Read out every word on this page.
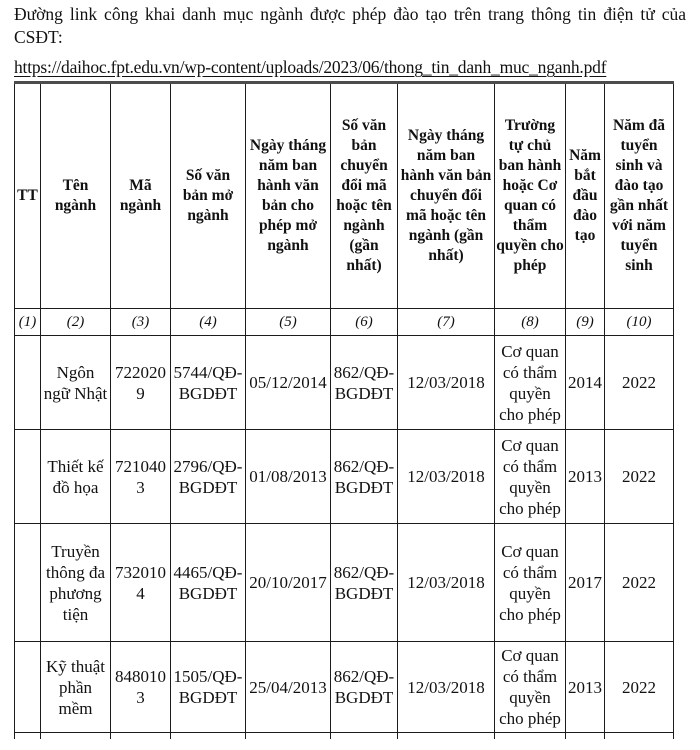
Đường link công khai danh mục ngành được phép đào tạo trên trang thông tin điện tử của CSĐT:

https://daihoc.fpt.edu.vn/wp-content/uploads/2023/06/thong_tin_danh_muc_nganh.pdf
TT	Tên ngành	Mã ngành	Số văn bản mở ngành	Ngày tháng năm ban hành văn bản cho phép mở ngành	Số văn bản chuyển đổi mã hoặc tên ngành (gần nhất)	Ngày tháng năm ban hành văn bản chuyển đổi mã hoặc tên ngành (gần nhất)	Trường tự chủ ban hành hoặc Cơ quan có thẩm quyền cho phép	Năm bắt đầu đào tạo	Năm đã tuyển sinh và đào tạo gần nhất với năm tuyển sinh
(1)	(2)	(3)	(4)	(5)	(6)	(7)	(8)	(9)	(10)
	Ngôn ngữ Nhật	7220209	5744/QĐ-BGDĐT	05/12/2014	862/QĐ-BGDĐT	12/03/2018	Cơ quan có thẩm quyền cho phép	2014	2022
	Thiết kế đồ họa	7210403	2796/QĐ-BGDĐT	01/08/2013	862/QĐ-BGDĐT	12/03/2018	Cơ quan có thẩm quyền cho phép	2013	2022
	Truyền thông đa phương tiện	7320104	4465/QĐ-BGDĐT	20/10/2017	862/QĐ-BGDĐT	12/03/2018	Cơ quan có thẩm quyền cho phép	2017	2022
	Kỹ thuật phần mềm	8480103	1505/QĐ-BGDĐT	25/04/2013	862/QĐ-BGDĐT	12/03/2018	Cơ quan có thẩm quyền cho phép	2013	2022
